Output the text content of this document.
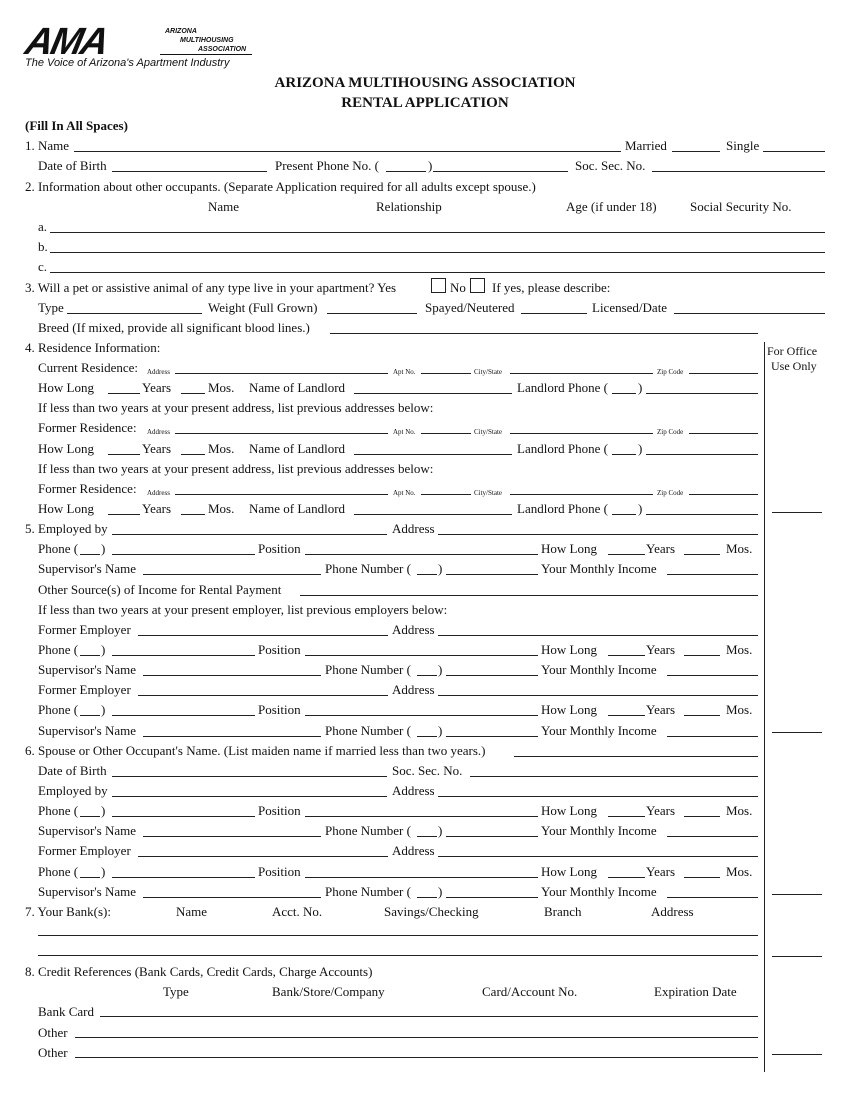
AMA	ARIZONA
MULTIHOUSING
ASSOCIATION
The Voice of Arizona's Apartment Industry
ARIZONA MULTIHOUSING ASSOCIATION
RENTAL APPLICATION
(Fill In All Spaces)
For Office
Use Only
1. Name	Married	Single
Date of Birth	Present Phone No. (	)	Soc. Sec. No.
2. Information about other occupants. (Separate Application required for all adults except spouse.)
Name	Relationship	Age (if under 18)	Social Security No.
a.
b.
c.
3. Will a pet or assistive animal of any type live in your apartment? Yes	No If yes, please describe:
Type	Weight (Full Grown)	Spayed/Neutered	Licensed/Date
Breed (If mixed, provide all significant blood lines.)
4. Residence Information:
Current Residence: Address	Apt No.	City/State	Zip Code
How Long	Years	Mos. Name of Landlord	Landlord Phone ( )
If less than two years at your present address, list previous addresses below:
Former Residence: Address	Apt No.	City/State	Zip Code
How Long	Years	Mos. Name of Landlord	Landlord Phone ( )
If less than two years at your present address, list previous addresses below:
Former Residence: Address	Apt No.	City/State	Zip Code
How Long	Years	Mos. Name of Landlord	Landlord Phone ( )
5. Employed by	Address
Phone ( )	Position	How Long	Years	Mos.
Supervisor's Name	Phone Number ( )	Your Monthly Income
Other Source(s) of Income for Rental Payment
If less than two years at your present employer, list previous employers below:
Former Employer	Address
Phone ( )	Position	How Long	Years	Mos.
Supervisor's Name	Phone Number ( )	Your Monthly Income
Former Employer	Address
Phone ( )	Position	How Long	Years	Mos.
Supervisor's Name	Phone Number ( )	Your Monthly Income
6. Spouse or Other Occupant's Name. (List maiden name if married less than two years.)
Date of Birth	Soc. Sec. No.
Employed by	Address
Phone ( )	Position	How Long	Years	Mos.
Supervisor's Name	Phone Number ( )	Your Monthly Income
Former Employer	Address
Phone ( )	Position	How Long	Years	Mos.
Supervisor's Name	Phone Number ( )	Your Monthly Income
7. Your Bank(s):	Name	Acct. No.	Savings/Checking	Branch	Address
8. Credit References (Bank Cards, Credit Cards, Charge Accounts)
Type	Bank/Store/Company	Card/Account No.	Expiration Date
Bank Card
Other
Other
